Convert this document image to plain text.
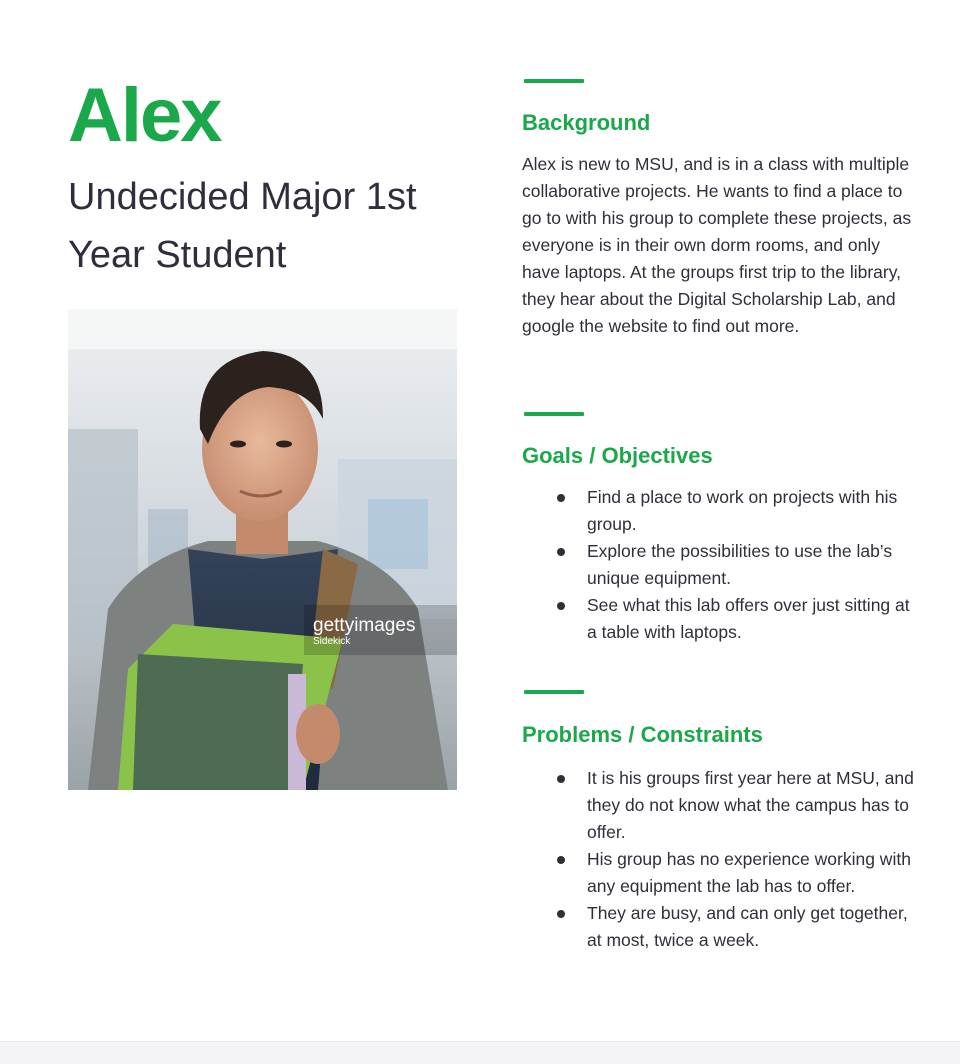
Alex
Undecided Major 1st Year Student
gettyimages
Sidekick
Background

Alex is new to MSU, and is in a class with multiple collaborative projects. He wants to find a place to go to with his group to complete these projects, as everyone is in their own dorm rooms, and only have laptops. At the groups first trip to the library, they hear about the Digital Scholarship Lab, and google the website to find out more.

Goals / Objectives
Find a place to work on projects with his group.
Explore the possibilities to use the lab’s unique equipment.
See what this lab offers over just sitting at a table with laptops.
Problems / Constraints
It is his groups first year here at MSU, and they do not know what the campus has to offer.
His group has no experience working with any equipment the lab has to offer.
They are busy, and can only get together, at most, twice a week.
